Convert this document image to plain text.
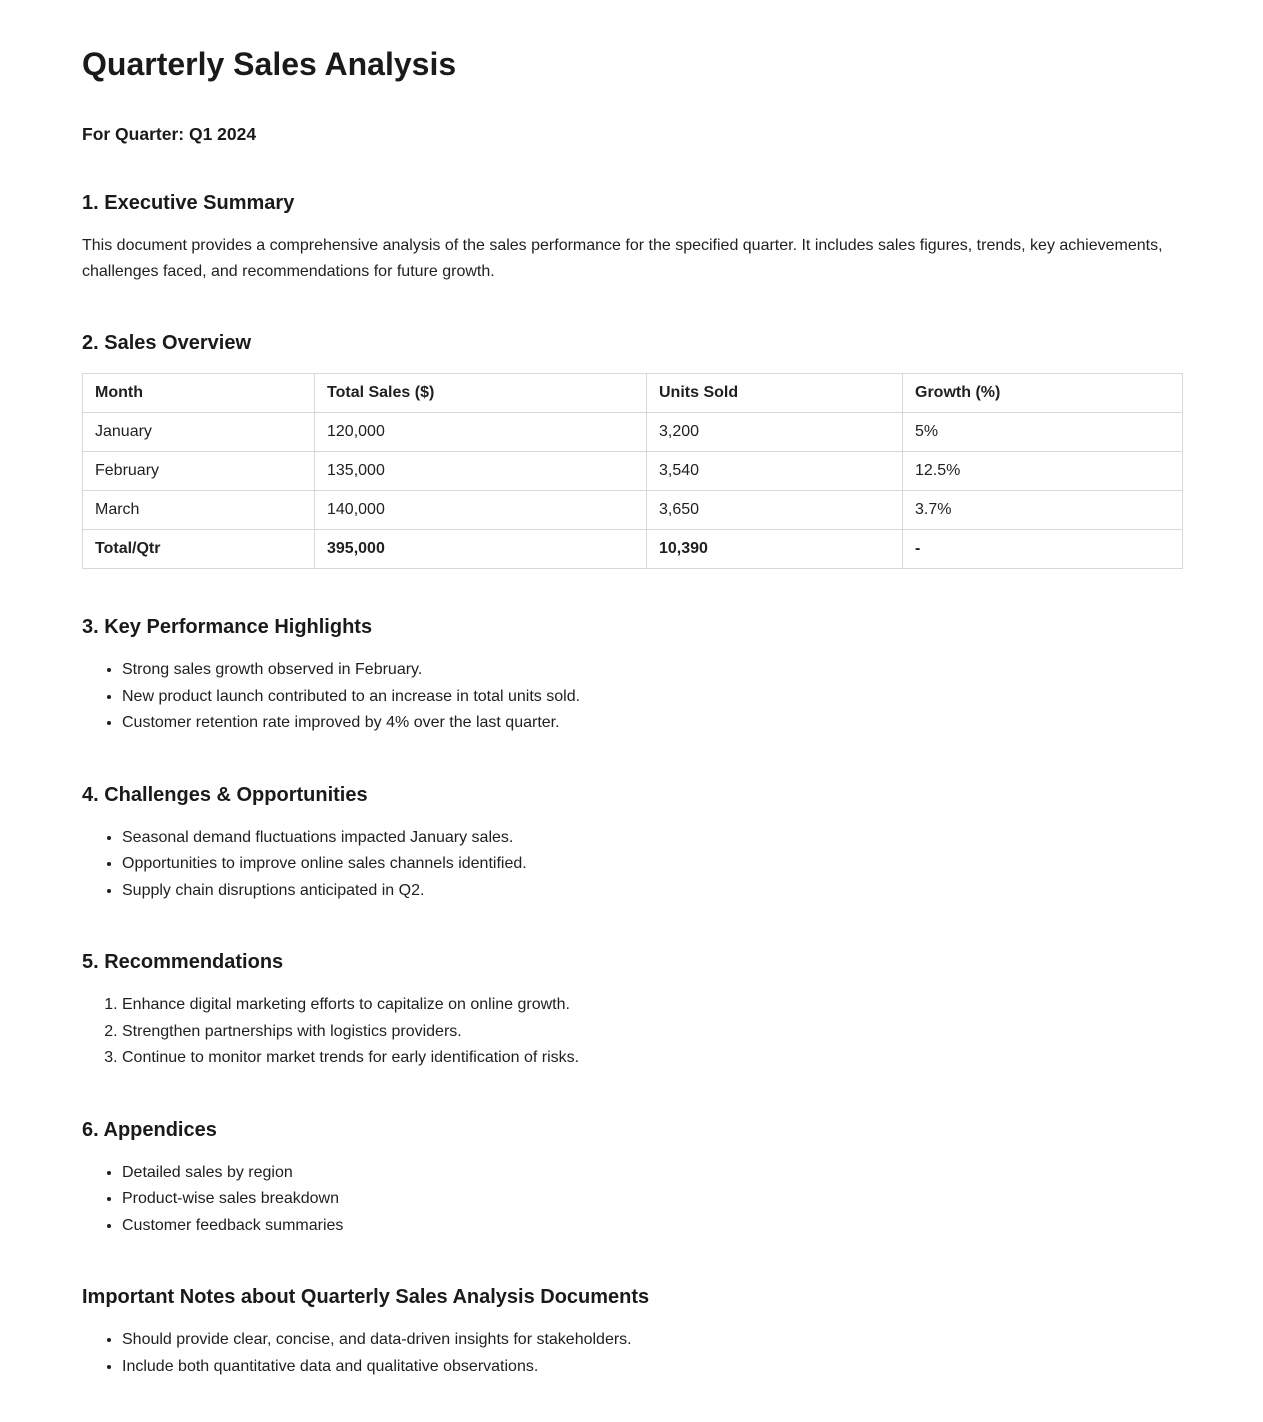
Quarterly Sales Analysis
For Quarter: Q1 2024
1. Executive Summary

This document provides a comprehensive analysis of the sales performance for the specified quarter. It includes sales figures, trends, key achievements, challenges faced, and recommendations for future growth.

2. Sales Overview
Month	Total Sales ($)	Units Sold	Growth (%)
January	120,000	3,200	5%
February	135,000	3,540	12.5%
March	140,000	3,650	3.7%
Total/Qtr	395,000	10,390	-
3. Key Performance Highlights
• Strong sales growth observed in February.
• New product launch contributed to an increase in total units sold.
• Customer retention rate improved by 4% over the last quarter.
4. Challenges & Opportunities
• Seasonal demand fluctuations impacted January sales.
• Opportunities to improve online sales channels identified.
• Supply chain disruptions anticipated in Q2.
5. Recommendations
1. Enhance digital marketing efforts to capitalize on online growth.
2. Strengthen partnerships with logistics providers.
3. Continue to monitor market trends for early identification of risks.
6. Appendices
• Detailed sales by region
• Product-wise sales breakdown
• Customer feedback summaries
Important Notes about Quarterly Sales Analysis Documents
• Should provide clear, concise, and data-driven insights for stakeholders.
• Include both quantitative data and qualitative observations.
